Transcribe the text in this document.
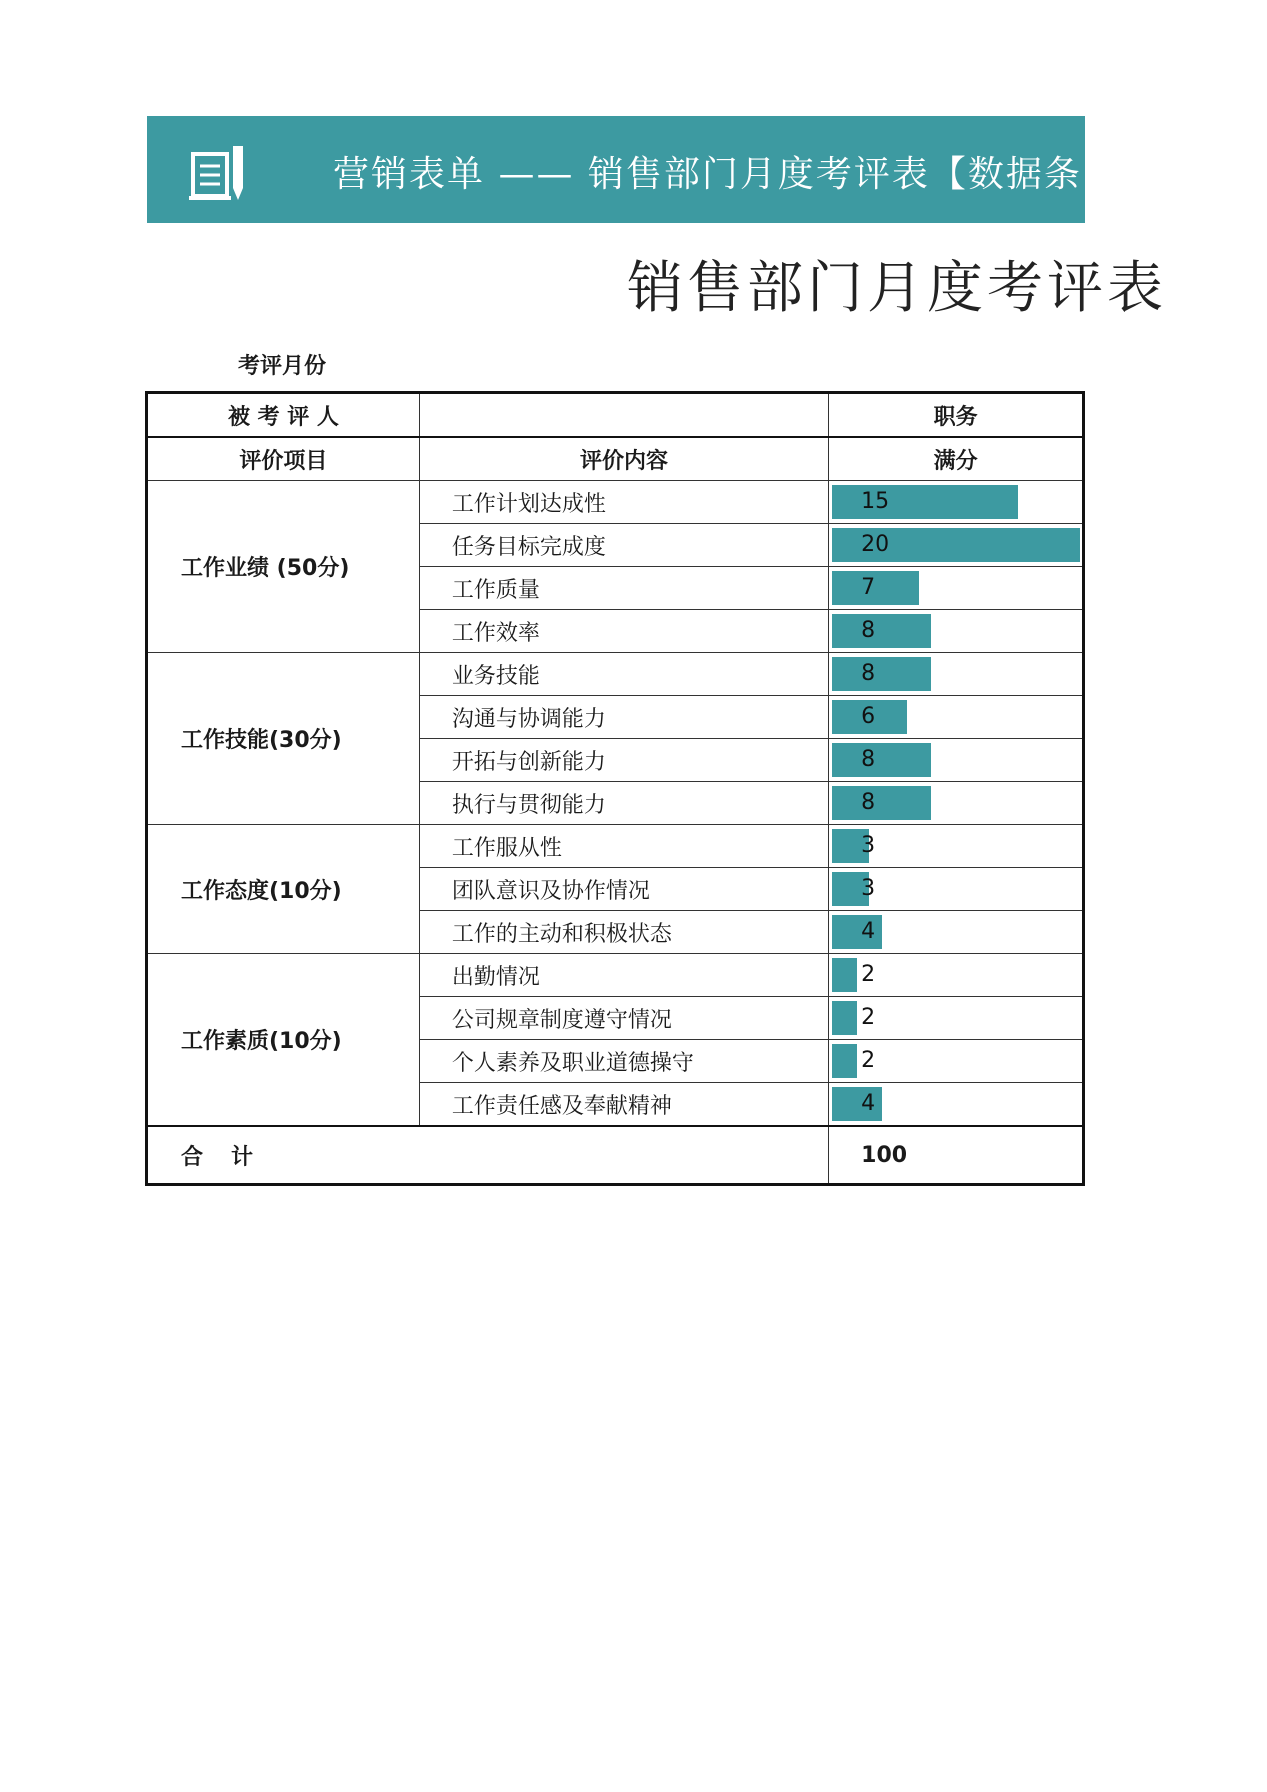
营销表单 —— 销售部门月度考评表【数据条
销售部门月度考评表
考评月份
被 考 评 人		职务
评价项目	评价内容	满分
工作业绩 (50分)	工作计划达成性	15

	任务目标完成度	20

	工作质量	7

	工作效率	8

工作技能(30分)	业务技能	8

	沟通与协调能力	6

	开拓与创新能力	8

	执行与贯彻能力	8

工作态度(10分)	工作服从性	3

	团队意识及协作情况	3

	工作的主动和积极状态	4

工作素质(10分)	出勤情况	2

	公司规章制度遵守情况	2

	个人素养及职业道德操守	2

	工作责任感及奉献精神	4

合计		100
